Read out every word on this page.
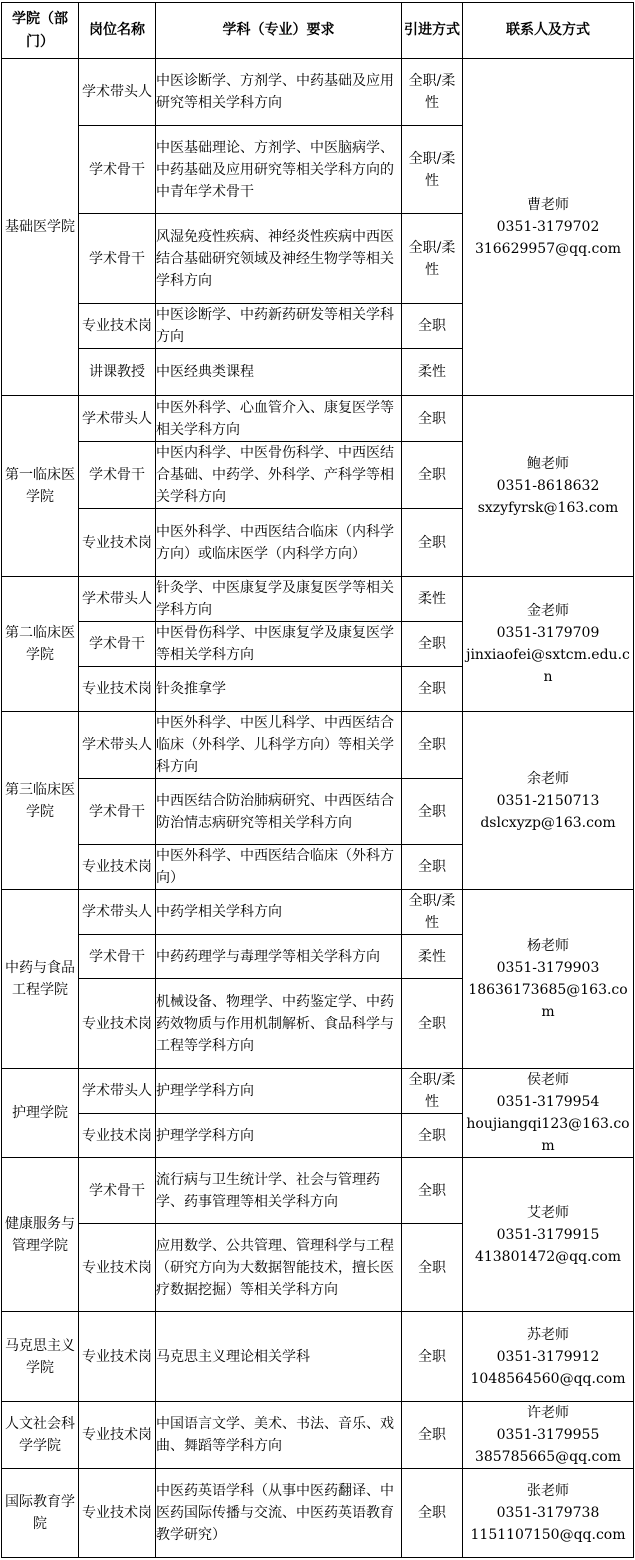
学院（部门）	岗位名称	学科（专业）要求	引进方式	联系人及方式
基础医学院	学术带头人	中医诊断学、方剂学、中药基础及应用研究等相关学科方向	全职/柔性	曹老师
0351-3179702
316629957@qq.com

	学术骨干	中医基础理论、方剂学、中医脑病学、中药基础及应用研究等相关学科方向的中青年学术骨干	全职/柔性	
	学术骨干	风湿免疫性疾病、神经炎性疾病中西医结合基础研究领域及神经生物学等相关学科方向	全职/柔性	
	专业技术岗	中医诊断学、中药新药研发等相关学科方向	全职	
	讲课教授	中医经典类课程	柔性	
第一临床医学院	学术带头人	中医外科学、心血管介入、康复医学等相关学科方向	全职	鲍老师
0351-8618632
sxzyfyrsk@163.com

	学术骨干	中医内科学、中医骨伤科学、中西医结合基础、中药学、外科学、产科学等相关学科方向	全职	
	专业技术岗	中医外科学、中西医结合临床（内科学方向）或临床医学（内科学方向）	全职	
第二临床医学院	学术带头人	针灸学、中医康复学及康复医学等相关学科方向	柔性	金老师
0351-3179709
jinxiaofei@sxtcm.edu.cn

	学术骨干	中医骨伤科学、中医康复学及康复医学等相关学科方向	全职	
	专业技术岗	针灸推拿学	全职	
第三临床医学院	学术带头人	中医外科学、中医儿科学、中西医结合临床（外科学、儿科学方向）等相关学科方向	全职	余老师
0351-2150713
dslcxyzp@163.com

	学术骨干	中西医结合防治肺病研究、中西医结合防治情志病研究等相关学科方向	全职	
	专业技术岗	中医外科学、中西医结合临床（外科方向）	全职	
中药与食品工程学院	学术带头人	中药学相关学科方向	全职/柔性	杨老师
0351-3179903
18636173685@163.com

	学术骨干	中药药理学与毒理学等相关学科方向	柔性	
	专业技术岗	机械设备、物理学、中药鉴定学、中药药效物质与作用机制解析、食品科学与工程等学科方向	全职	
护理学院	学术带头人	护理学学科方向	全职/柔性	侯老师
0351-3179954
houjiangqi123@163.com

	专业技术岗	护理学学科方向	全职	
健康服务与管理学院	学术骨干	流行病与卫生统计学、社会与管理药学、药事管理等相关学科方向	全职	艾老师
0351-3179915
413801472@qq.com

	专业技术岗	应用数学、公共管理、管理科学与工程（研究方向为大数据智能技术，擅长医疗数据挖掘）等相关学科方向	全职	
马克思主义学院	专业技术岗	马克思主义理论相关学科	全职	苏老师
0351-3179912
1048564560@qq.com

人文社会科学学院	专业技术岗	中国语言文学、美术、书法、音乐、戏曲、舞蹈等学科方向	全职	许老师
0351-3179955
385785665@qq.com

国际教育学院	专业技术岗	中医药英语学科（从事中医药翻译、中医药国际传播与交流、中医药英语教育教学研究）	全职	张老师
0351-3179738
1151107150@qq.com
